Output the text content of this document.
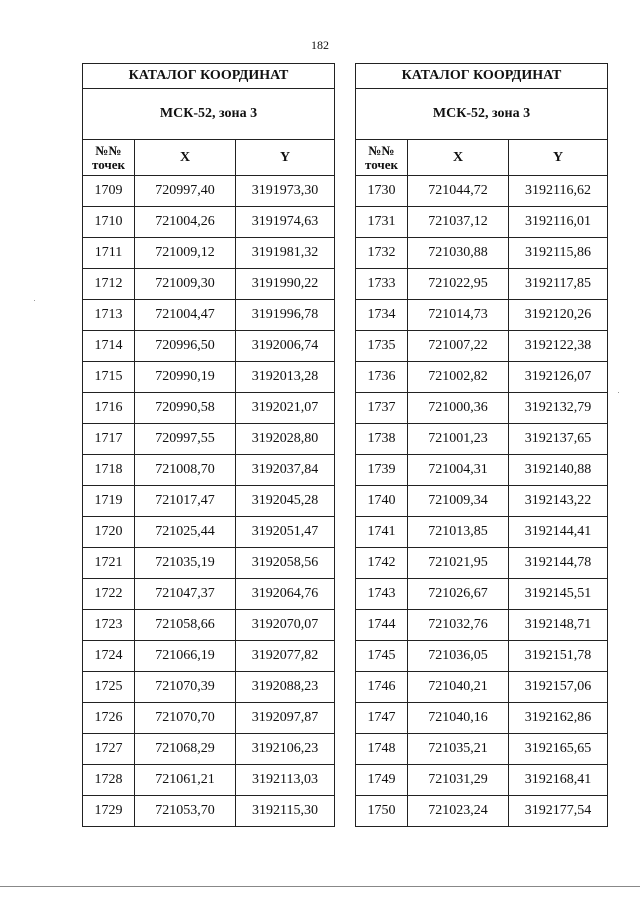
182
КАТАЛОГ КООРДИНАТ		
МСК-52, зона 3		
№№
точек	X	Y
1709	720997,40	3191973,30
1710	721004,26	3191974,63
1711	721009,12	3191981,32
1712	721009,30	3191990,22
1713	721004,47	3191996,78
1714	720996,50	3192006,74
1715	720990,19	3192013,28
1716	720990,58	3192021,07
1717	720997,55	3192028,80
1718	721008,70	3192037,84
1719	721017,47	3192045,28
1720	721025,44	3192051,47
1721	721035,19	3192058,56
1722	721047,37	3192064,76
1723	721058,66	3192070,07
1724	721066,19	3192077,82
1725	721070,39	3192088,23
1726	721070,70	3192097,87
1727	721068,29	3192106,23
1728	721061,21	3192113,03
1729	721053,70	3192115,30
КАТАЛОГ КООРДИНАТ		
МСК-52, зона 3		
№№
точек	X	Y
1730	721044,72	3192116,62
1731	721037,12	3192116,01
1732	721030,88	3192115,86
1733	721022,95	3192117,85
1734	721014,73	3192120,26
1735	721007,22	3192122,38
1736	721002,82	3192126,07
1737	721000,36	3192132,79
1738	721001,23	3192137,65
1739	721004,31	3192140,88
1740	721009,34	3192143,22
1741	721013,85	3192144,41
1742	721021,95	3192144,78
1743	721026,67	3192145,51
1744	721032,76	3192148,71
1745	721036,05	3192151,78
1746	721040,21	3192157,06
1747	721040,16	3192162,86
1748	721035,21	3192165,65
1749	721031,29	3192168,41
1750	721023,24	3192177,54
